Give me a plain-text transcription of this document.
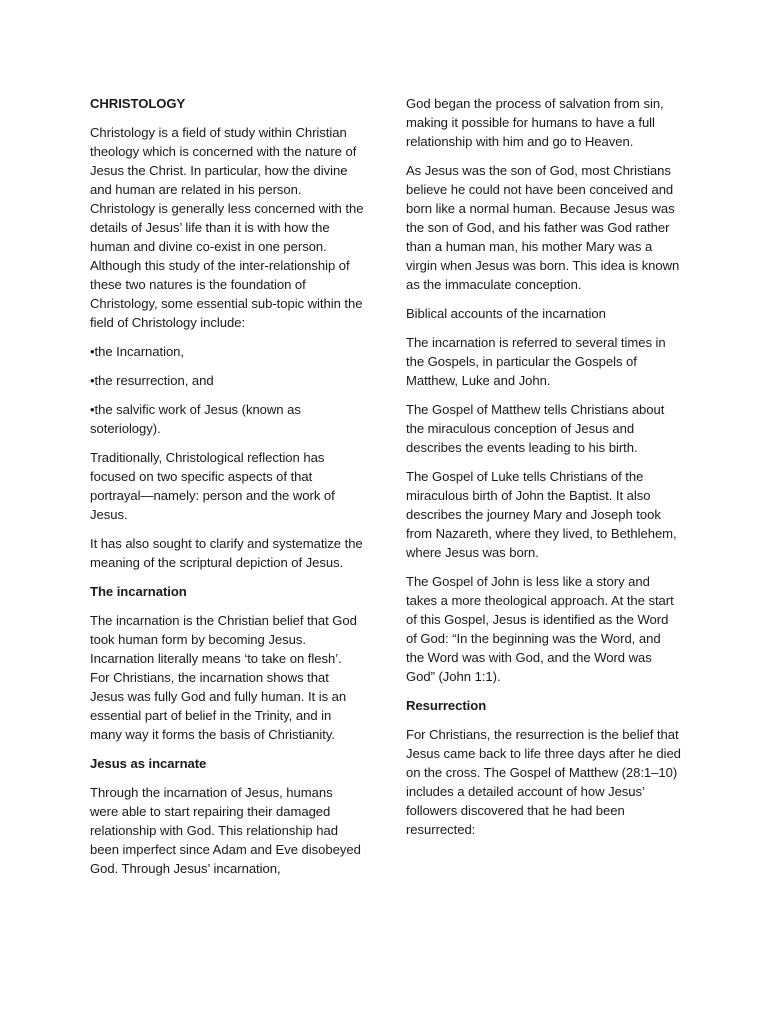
CHRISTOLOGY

Christology is a field of study within Christian theology which is concerned with the nature of Jesus the Christ. In particular, how the divine and human are related in his person. Christology is generally less concerned with the details of Jesus’ life than it is with how the human and divine co-exist in one person. Although this study of the inter-relationship of these two natures is the foundation of Christology, some essential sub-topic within the field of Christology include:

•the Incarnation,

•the resurrection, and

•the salvific work of Jesus (known as soteriology).

Traditionally, Christological reflection has focused on two specific aspects of that portrayal—namely: person and the work of Jesus.

It has also sought to clarify and systematize the meaning of the scriptural depiction of Jesus.

The incarnation

The incarnation is the Christian belief that God took human form by becoming Jesus. Incarnation literally means ‘to take on flesh’. For Christians, the incarnation shows that Jesus was fully God and fully human. It is an essential part of belief in the Trinity, and in many way it forms the basis of Christianity.

Jesus as incarnate

Through the incarnation of Jesus, humans were able to start repairing their damaged relationship with God. This relationship had been imperfect since Adam and Eve disobeyed God. Through Jesus’ incarnation,

God began the process of salvation from sin, making it possible for humans to have a full relationship with him and go to Heaven.

As Jesus was the son of God, most Christians believe he could not have been conceived and born like a normal human. Because Jesus was the son of God, and his father was God rather than a human man, his mother Mary was a virgin when Jesus was born. This idea is known as the immaculate conception.

Biblical accounts of the incarnation

The incarnation is referred to several times in the Gospels, in particular the Gospels of Matthew, Luke and John.

The Gospel of Matthew tells Christians about the miraculous conception of Jesus and describes the events leading to his birth.

The Gospel of Luke tells Christians of the miraculous birth of John the Baptist. It also describes the journey Mary and Joseph took from Nazareth, where they lived, to Bethlehem, where Jesus was born.

The Gospel of John is less like a story and takes a more theological approach. At the start of this Gospel, Jesus is identified as the Word of God: “In the beginning was the Word, and the Word was with God, and the Word was God” (John 1:1).

Resurrection

For Christians, the resurrection is the belief that Jesus came back to life three days after he died on the cross. The Gospel of Matthew (28:1–10) includes a detailed account of how Jesus’ followers discovered that he had been resurrected:
